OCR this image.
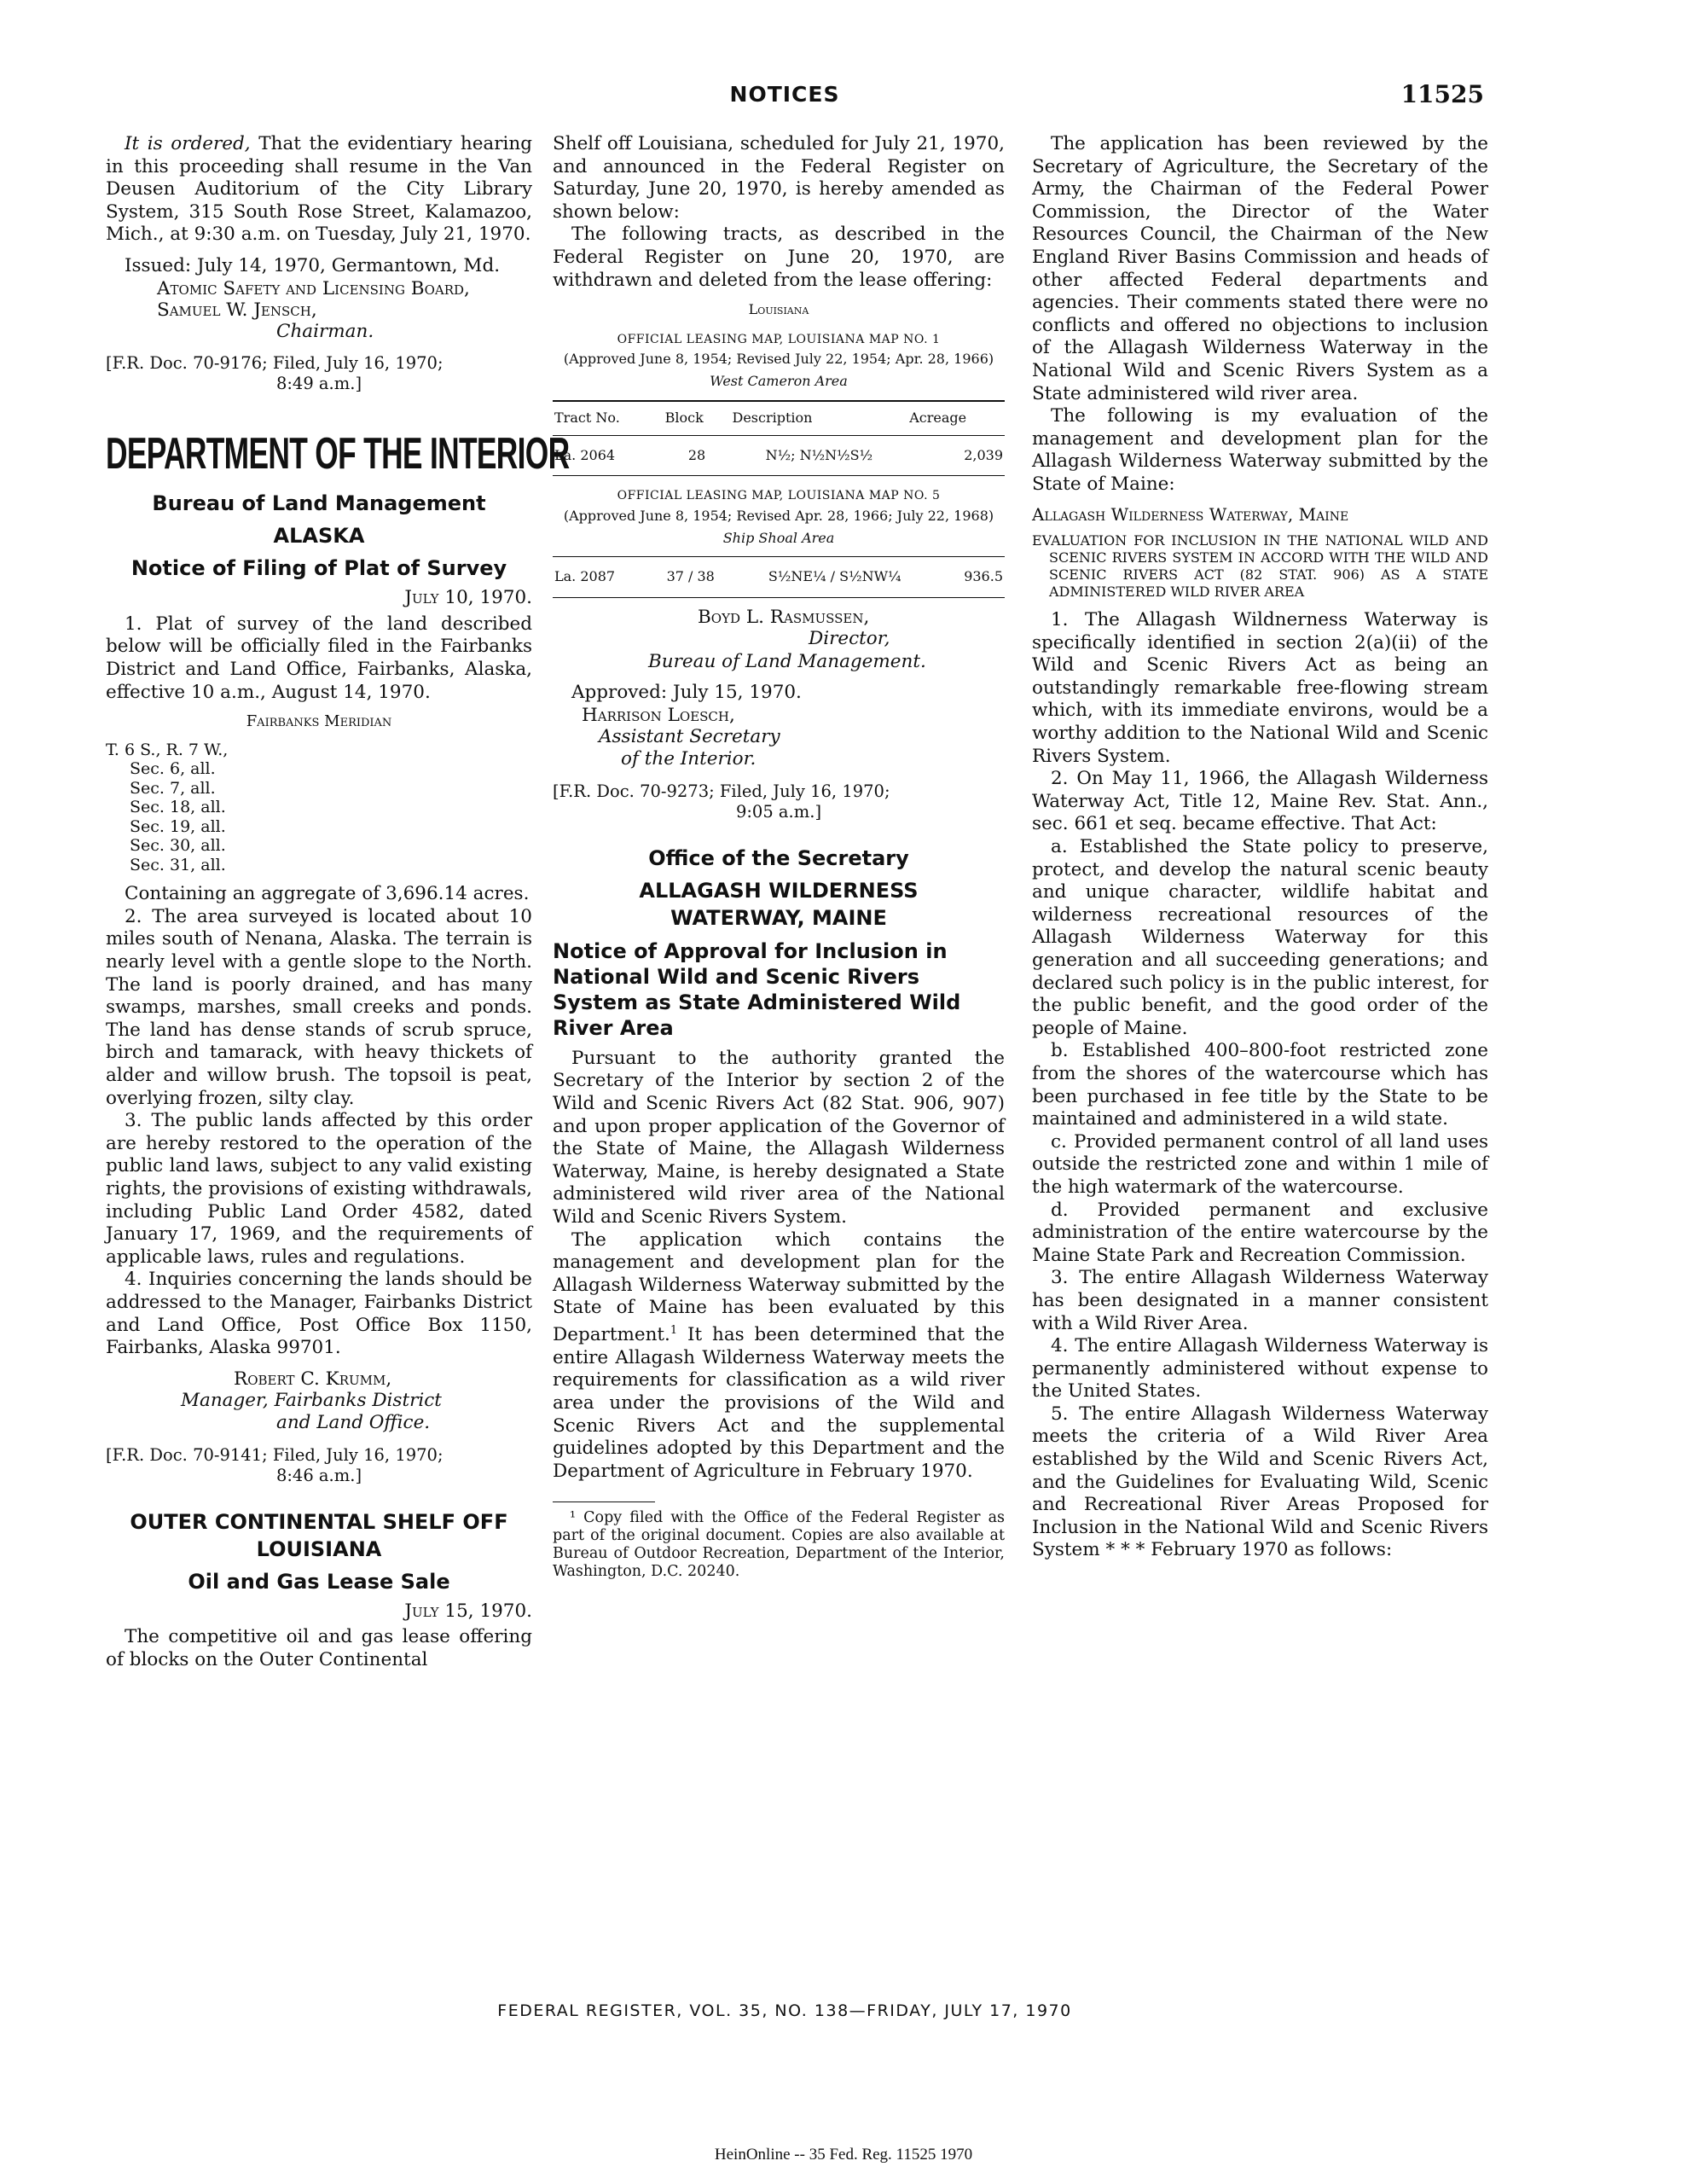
NOTICES	11525

It is ordered, That the evidentiary hearing in this proceeding shall resume in the Van Deusen Auditorium of the City Library System, 315 South Rose Street, Kalamazoo, Mich., at 9:30 a.m. on Tuesday, July 21, 1970.

Issued: July 14, 1970, Germantown, Md.

Atomic Safety and Licensing Board,
Samuel W. Jensch,
Chairman.

[F.R. Doc. 70-9176; Filed, July 16, 1970;

8:49 a.m.]
DEPARTMENT OF THE INTERIOR
Bureau of Land Management
ALASKA
Notice of Filing of Plat of Survey

July 10, 1970.

1. Plat of survey of the land described below will be officially filed in the Fairbanks District and Land Office, Fairbanks, Alaska, effective 10 a.m., August 14, 1970.

Fairbanks Meridian

T. 6 S., R. 7 W.,
Sec. 6, all.
Sec. 7, all.
Sec. 18, all.
Sec. 19, all.
Sec. 30, all.
Sec. 31, all.

Containing an aggregate of 3,696.14 acres.

2. The area surveyed is located about 10 miles south of Nenana, Alaska. The terrain is nearly level with a gentle slope to the North. The land is poorly drained, and has many swamps, marshes, small creeks and ponds. The land has dense stands of scrub spruce, birch and tamarack, with heavy thickets of alder and willow brush. The topsoil is peat, overlying frozen, silty clay.

3. The public lands affected by this order are hereby restored to the operation of the public land laws, subject to any valid existing rights, the provisions of existing withdrawals, including Public Land Order 4582, dated January 17, 1969, and the requirements of applicable laws, rules and regulations.

4. Inquiries concerning the lands should be addressed to the Manager, Fairbanks District and Land Office, Post Office Box 1150, Fairbanks, Alaska 99701.

Robert C. Krumm,
Manager, Fairbanks District
and Land Office.

[F.R. Doc. 70-9141; Filed, July 16, 1970;

8:46 a.m.]
OUTER CONTINENTAL SHELF OFF LOUISIANA
Oil and Gas Lease Sale

July 15, 1970.

The competitive oil and gas lease offering of blocks on the Outer Continental

Shelf off Louisiana, scheduled for July 21, 1970, and announced in the Federal Register on Saturday, June 20, 1970, is hereby amended as shown below:

The following tracts, as described in the Federal Register on June 20, 1970, are withdrawn and deleted from the lease offering:

Louisiana

OFFICIAL LEASING MAP, LOUISIANA MAP NO. 1

(Approved June 8, 1954; Revised July 22, 1954; Apr. 28, 1966)

West Cameron Area

Tract No.	Block	Description	Acreage
La. 2064	28	N½; N½N½S½	2,039

OFFICIAL LEASING MAP, LOUISIANA MAP NO. 5

(Approved June 8, 1954; Revised Apr. 28, 1966; July 22, 1968)

Ship Shoal Area

La. 2087	37 / 38	S½NE¼ / S½NW¼	936.5
Boyd L. Rasmussen,
Director,
Bureau of Land Management.

Approved: July 15, 1970.

Harrison Loesch,
Assistant Secretary
of the Interior.

[F.R. Doc. 70-9273; Filed, July 16, 1970;

9:05 a.m.]
Office of the Secretary
ALLAGASH WILDERNESS WATERWAY, MAINE
Notice of Approval for Inclusion in National Wild and Scenic Rivers System as State Administered Wild River Area

Pursuant to the authority granted the Secretary of the Interior by section 2 of the Wild and Scenic Rivers Act (82 Stat. 906, 907) and upon proper application of the Governor of the State of Maine, the Allagash Wilderness Waterway, Maine, is hereby designated a State administered wild river area of the National Wild and Scenic Rivers System.

The application which contains the management and development plan for the Allagash Wilderness Waterway submitted by the State of Maine has been evaluated by this Department.$^1$ It has been determined that the entire Allagash Wilderness Waterway meets the requirements for classification as a wild river area under the provisions of the Wild and Scenic Rivers Act and the supplemental guidelines adopted by this Department and the Department of Agriculture in February 1970.

¹ Copy filed with the Office of the Federal Register as part of the original document. Copies are also available at Bureau of Outdoor Recreation, Department of the Interior, Washington, D.C. 20240.

The application has been reviewed by the Secretary of Agriculture, the Secretary of the Army, the Chairman of the Federal Power Commission, the Director of the Water Resources Council, the Chairman of the New England River Basins Commission and heads of other affected Federal departments and agencies. Their comments stated there were no conflicts and offered no objections to inclusion of the Allagash Wilderness Waterway in the National Wild and Scenic Rivers System as a State administered wild river area.

The following is my evaluation of the management and development plan for the Allagash Wilderness Waterway submitted by the State of Maine:

Allagash Wilderness Waterway, Maine

EVALUATION FOR INCLUSION IN THE NATIONAL WILD AND SCENIC RIVERS SYSTEM IN ACCORD WITH THE WILD AND SCENIC RIVERS ACT (82 STAT. 906) AS A STATE ADMINISTERED WILD RIVER AREA

1. The Allagash Wildnerness Waterway is specifically identified in section 2(a)(ii) of the Wild and Scenic Rivers Act as being an outstandingly remarkable free-flowing stream which, with its immediate environs, would be a worthy addition to the National Wild and Scenic Rivers System.

2. On May 11, 1966, the Allagash Wilderness Waterway Act, Title 12, Maine Rev. Stat. Ann., sec. 661 et seq. became effective. That Act:

a. Established the State policy to preserve, protect, and develop the natural scenic beauty and unique character, wildlife habitat and wilderness recreational resources of the Allagash Wilderness Waterway for this generation and all succeeding generations; and declared such policy is in the public interest, for the public benefit, and the good order of the people of Maine.

b. Established 400–800-foot restricted zone from the shores of the watercourse which has been purchased in fee title by the State to be maintained and administered in a wild state.

c. Provided permanent control of all land uses outside the restricted zone and within 1 mile of the high watermark of the watercourse.

d. Provided permanent and exclusive administration of the entire watercourse by the Maine State Park and Recreation Commission.

3. The entire Allagash Wilderness Waterway has been designated in a manner consistent with a Wild River Area.

4. The entire Allagash Wilderness Waterway is permanently administered without expense to the United States.

5. The entire Allagash Wilderness Waterway meets the criteria of a Wild River Area established by the Wild and Scenic Rivers Act, and the Guidelines for Evaluating Wild, Scenic and Recreational River Areas Proposed for Inclusion in the National Wild and Scenic Rivers System * * * February 1970 as follows:

FEDERAL REGISTER, VOL. 35, NO. 138—FRIDAY, JULY 17, 1970
HeinOnline -- 35 Fed. Reg. 11525 1970
